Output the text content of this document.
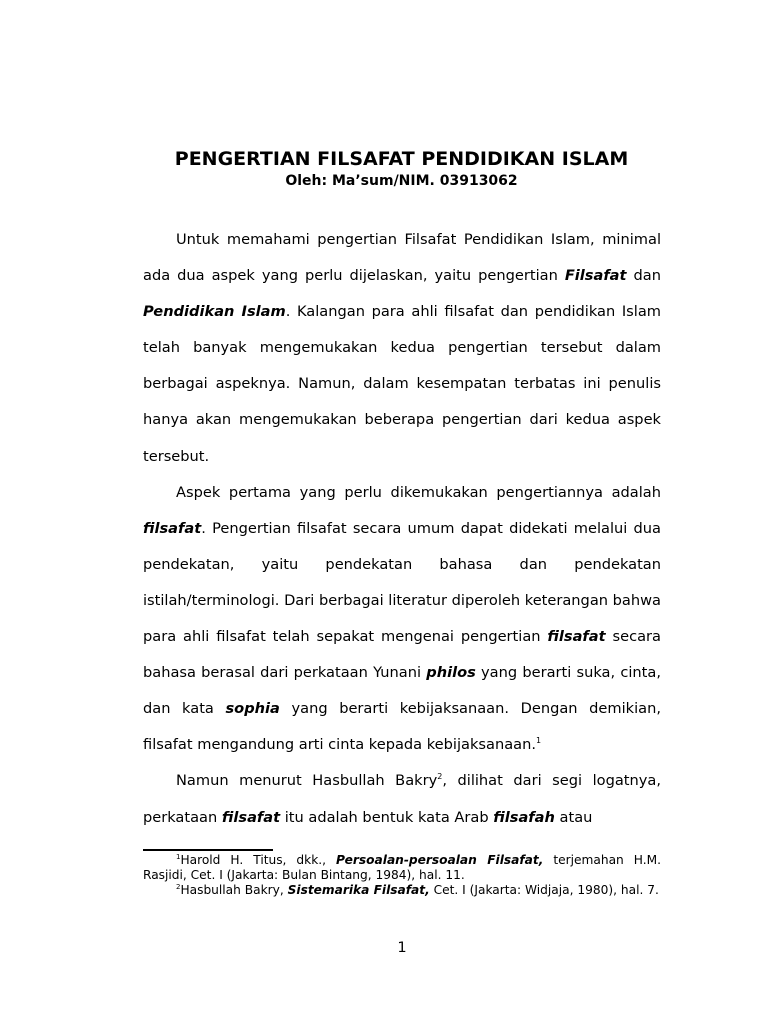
PENGERTIAN FILSAFAT PENDIDIKAN ISLAM
Oleh: Ma’sum/NIM. 03913062

Untuk memahami pengertian Filsafat Pendidikan Islam, minimal ada dua aspek yang perlu dijelaskan, yaitu pengertian Filsafat dan Pendidikan Islam. Kalangan para ahli filsafat dan pendidikan Islam telah banyak mengemukakan kedua pengertian tersebut dalam berbagai aspeknya. Namun, dalam kesempatan terbatas ini penulis hanya akan mengemukakan beberapa pengertian dari kedua aspek tersebut.

Aspek pertama yang perlu dikemukakan pengertiannya adalah filsafat. Pengertian filsafat secara umum dapat didekati melalui dua pendekatan, yaitu pendekatan bahasa dan pendekatan istilah/terminologi. Dari berbagai literatur diperoleh keterangan bahwa para ahli filsafat telah sepakat mengenai pengertian filsafat secara bahasa berasal dari perkataan Yunani philos yang berarti suka, cinta, dan kata sophia yang berarti kebijaksanaan. Dengan demikian, filsafat mengandung arti cinta kepada kebijaksanaan.$^1$

Namun menurut Hasbullah Bakry$^2$, dilihat dari segi logatnya, perkataan filsafat itu adalah bentuk kata Arab filsafah atau

$^1$Harold H. Titus, dkk., Persoalan-persoalan Filsafat, terjemahan H.M. Rasjidi, Cet. I (Jakarta: Bulan Bintang, 1984), hal. 11.

$^2$Hasbullah Bakry, Sistemarika Filsafat, Cet. I (Jakarta: Widjaja, 1980), hal. 7.

1
